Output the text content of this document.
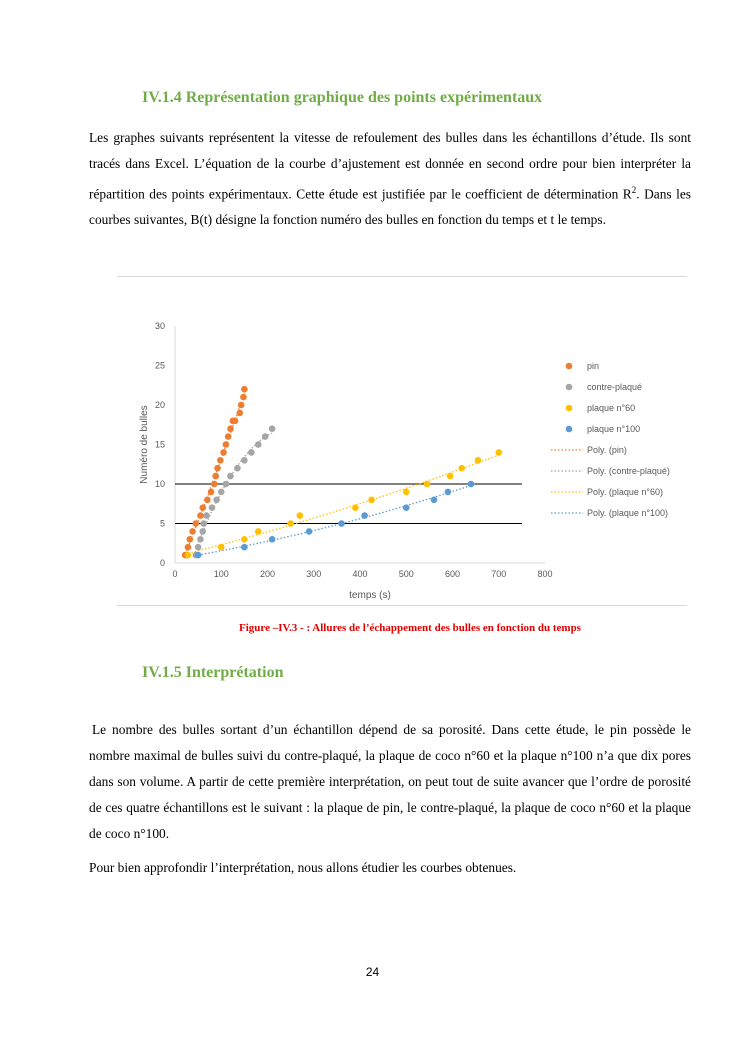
IV.1.4 Représentation graphique des points expérimentaux

Les graphes suivants représentent la vitesse de refoulement des bulles dans les échantillons d’étude. Ils sont tracés dans Excel. L’équation de la courbe d’ajustement est donnée en second ordre pour bien interpréter la répartition des points expérimentaux. Cette étude est justifiée par le coefficient de détermination $R^2$. Dans les courbes suivantes, B(t) désigne la fonction numéro des bulles en fonction du temps et t le temps.

0	100	200	300	400	500	600	700	800
0
5
10
15
20
25
30
temps (s)
Numéro de bulles
pin
contre-plaqué
plaque n°60
plaque n°100
Poly. (pin)
Poly. (contre-plaqué)
Poly. (plaque n°60)
Poly. (plaque n°100)

Figure –IV.3 - : Allures de l’échappement des bulles en fonction du temps

IV.1.5 Interprétation

Le nombre des bulles sortant d’un échantillon dépend de sa porosité. Dans cette étude, le pin possède le nombre maximal de bulles suivi du contre-plaqué, la plaque de coco n°60 et la plaque n°100 n’a que dix pores dans son volume. A partir de cette première interprétation, on peut tout de suite avancer que l’ordre de porosité de ces quatre échantillons est le suivant : la plaque de pin, le contre-plaqué, la plaque de coco n°60 et la plaque de coco n°100.

Pour bien approfondir l’interprétation, nous allons étudier les courbes obtenues.

24
